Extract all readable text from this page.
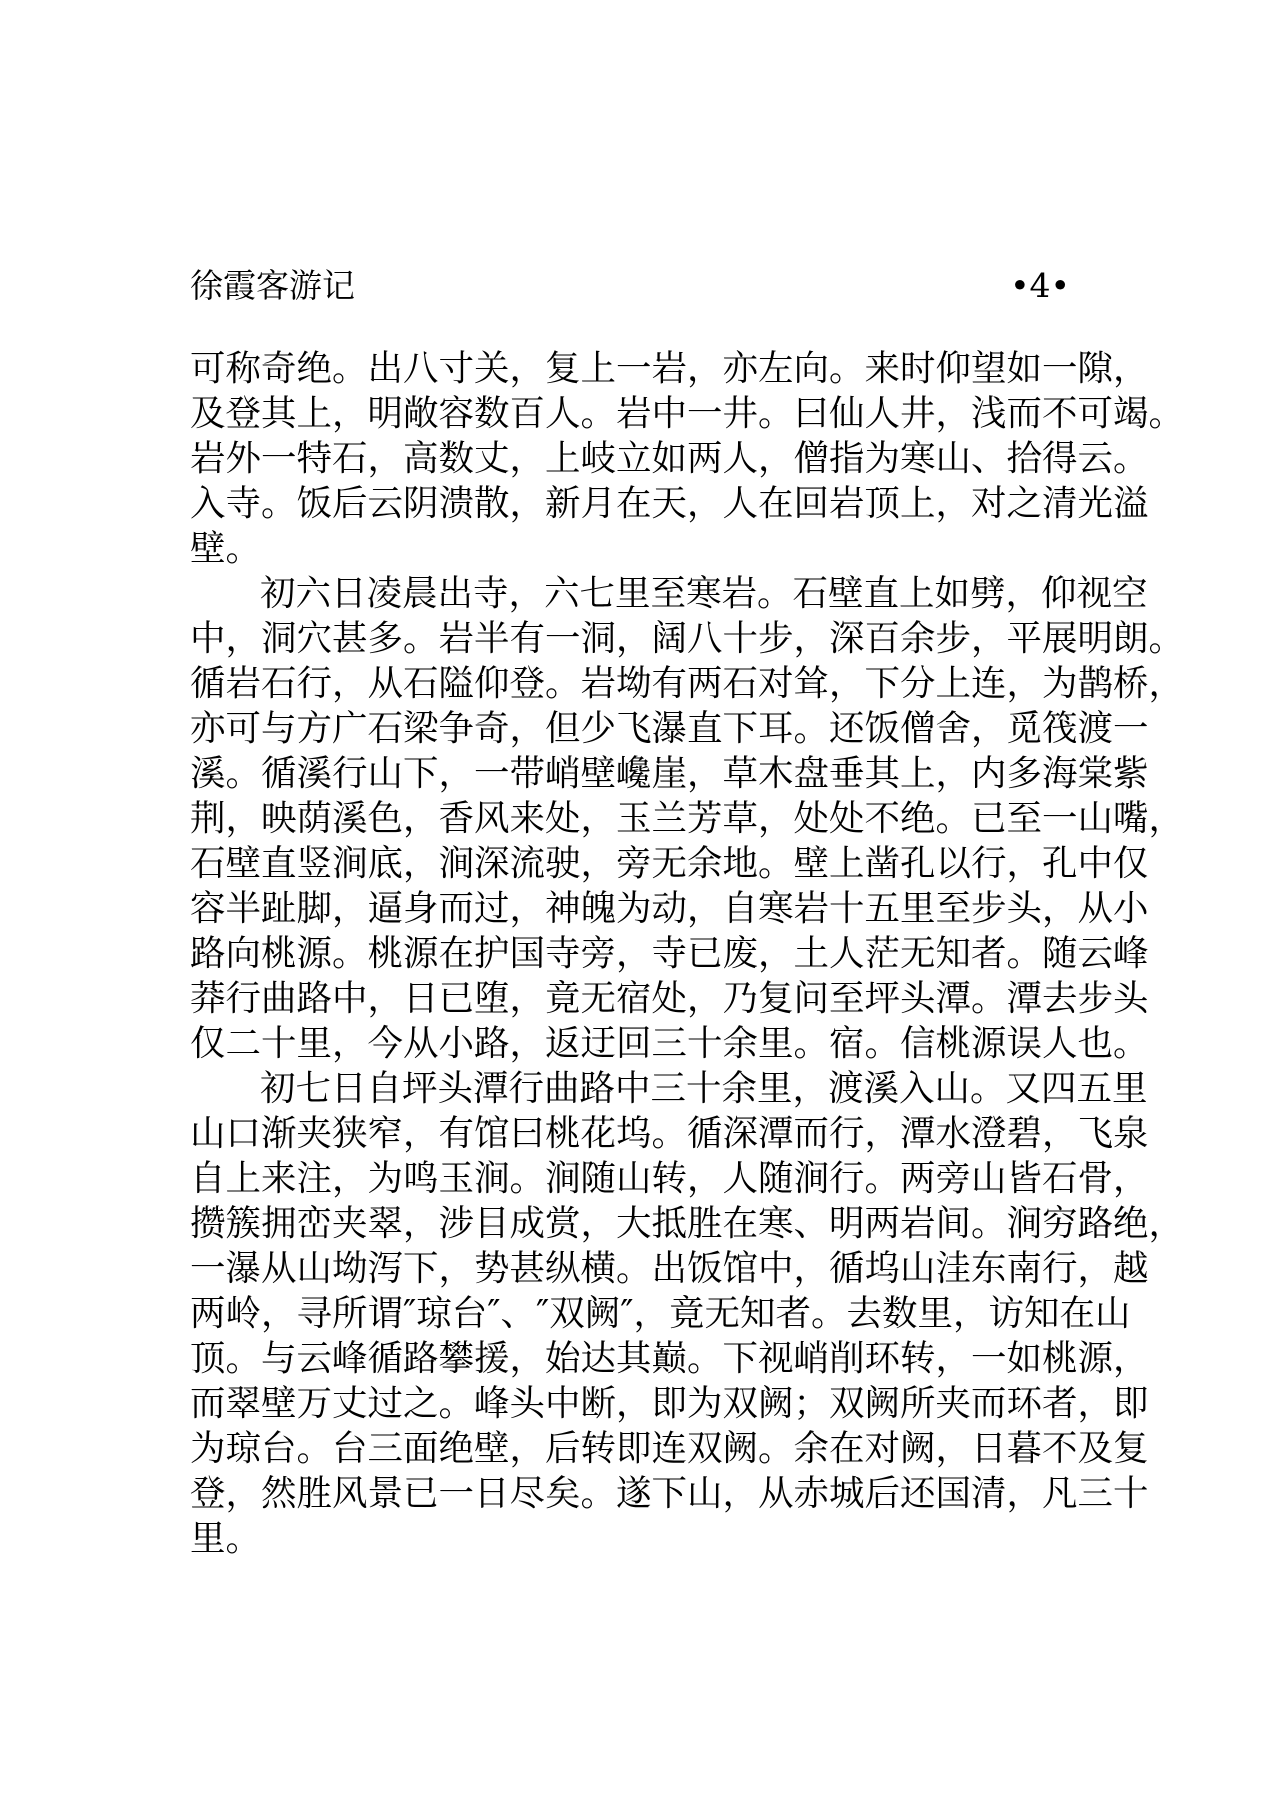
徐霞客游记	•4•
可称奇绝。出八寸关，复上一岩，亦左向。来时仰望如一隙，
及登其上，明敞容数百人。岩中一井。曰仙人井，浅而不可竭。
岩外一特石，高数丈，上岐立如两人，僧指为寒山、拾得云。
入寺。饭后云阴溃散，新月在天，人在回岩顶上，对之清光溢
壁。
初六日凌晨出寺，六七里至寒岩。石壁直上如劈，仰视空
中，洞穴甚多。岩半有一洞，阔八十步，深百余步，平展明朗。
循岩石行，从石隘仰登。岩坳有两石对耸，下分上连，为鹊桥，
亦可与方广石梁争奇，但少飞瀑直下耳。还饭僧舍，觅筏渡一
溪。循溪行山下，一带峭壁巉崖，草木盘垂其上，内多海棠紫
荆，映荫溪色，香风来处，玉兰芳草，处处不绝。已至一山嘴，
石壁直竖涧底，涧深流驶，旁无余地。壁上凿孔以行，孔中仅
容半趾脚，逼身而过，神魄为动，自寒岩十五里至步头，从小
路向桃源。桃源在护国寺旁，寺已废，土人茫无知者。随云峰
莽行曲路中，日已堕，竟无宿处，乃复问至坪头潭。潭去步头
仅二十里，今从小路，返迂回三十余里。宿。信桃源误人也。
初七日自坪头潭行曲路中三十余里，渡溪入山。又四五里
山口渐夹狭窄，有馆曰桃花坞。循深潭而行，潭水澄碧，飞泉
自上来注，为鸣玉涧。涧随山转，人随涧行。两旁山皆石骨，
攒簇拥峦夹翠，涉目成赏，大抵胜在寒、明两岩间。涧穷路绝，
一瀑从山坳泻下，势甚纵横。出饭馆中，循坞山洼东南行，越
两岭，寻所谓″琼台″、″双阙″，竟无知者。去数里，访知在山
顶。与云峰循路攀援，始达其巅。下视峭削环转，一如桃源，
而翠壁万丈过之。峰头中断，即为双阙；双阙所夹而环者，即
为琼台。台三面绝壁，后转即连双阙。余在对阙，日暮不及复
登，然胜风景已一日尽矣。遂下山，从赤城后还国清，凡三十
里。
